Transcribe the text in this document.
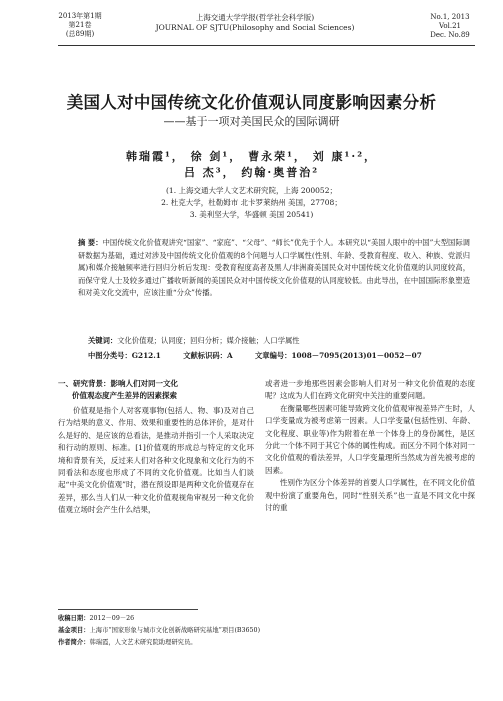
2013年第1期
第21卷
(总89期)
上海交通大学学报(哲学社会科学版)
JOURNAL OF SJTU(Philosophy and Social Sciences)
No.1, 2013
Vol.21
Dec. No.89
美国人对中国传统文化价值观认同度影响因素分析
——基于一项对美国民众的国际调研
韩瑞霞¹， 徐 剑¹， 曹永荣¹， 刘 康¹·²，
吕 杰³， 约翰·奥普治²
(1. 上海交通大学人文艺术研究院，上海 200052；
2. 杜克大学，杜勒姆市 北卡罗莱纳州 美国，27708；
3. 美利坚大学，华盛顿 美国 20541)
摘 要：中国传统文化价值观讲究“国家”、“家庭”、“父母”、“师长”优先于个人。本研究以“美国人眼中的中国”大型国际调研数据为基础，通过对涉及中国传统文化价值观的8个问题与人口学属性(性别、年龄、受教育程度、收入、种族、党派归属)和媒介接触频率进行回归分析后发现：受教育程度高者及黑人/非洲裔美国民众对中国传统文化价值观的认同度较高，而保守党人士及较多通过广播收听新闻的美国民众对中国传统文化价值观的认同度较低。由此导出，在中国国际形象塑造和对美文化交流中，应该注重“分众”传播。
关键词：文化价值观；认同度；回归分析；媒介接触；人口学属性
中图分类号：G212.1	文献标识码：A	文章编号：1008－7095(2013)01－0052－07
一、研究背景：影响人们对同一文化
价值观态度产生差异的因素探索

价值观是指个人对客观事物(包括人、物、事)及对自己行为结果的意义、作用、效果和重要性的总体评价，是对什么是好的、是应该的总看法，是推动并指引一个人采取决定和行动的原则、标准。[1]价值观的形成总与特定的文化环境和背景有关，反过来人们对各种文化现象和文化行为的不同看法和态度也形成了不同的文化价值观。比如当人们谈起“中美文化价值观”时，潜在预设即是两种文化价值观存在差异，那么当人们从一种文化价值观视角审视另一种文化价值观立场时会产生什么结果，

或者进一步地那些因素会影响人们对另一种文化价值观的态度呢？这成为人们在跨文化研究中关注的重要问题。

在衡量哪些因素可能导致跨文化价值观审视差异产生时，人口学变量成为被考虑第一因素。人口学变量(包括性别、年龄、文化程度、职业等)作为附着在单一个体身上的身份属性，是区分此一个体不同于其它个体的属性构成。而区分不同个体对同一文化价值观的看法差异，人口学变量理所当然成为首先被考虑的因素。

性别作为区分个体差异的首要人口学属性，在不同文化价值观中扮演了重要角色，同时“性别关系”也一直是不同文化中探讨的重

收稿日期：2012－09－26
基金项目：上海市“国家形象与城市文化创新战略研究基地”项目(B3650)
作者简介：韩瑞霞，人文艺术研究院助理研究员。
